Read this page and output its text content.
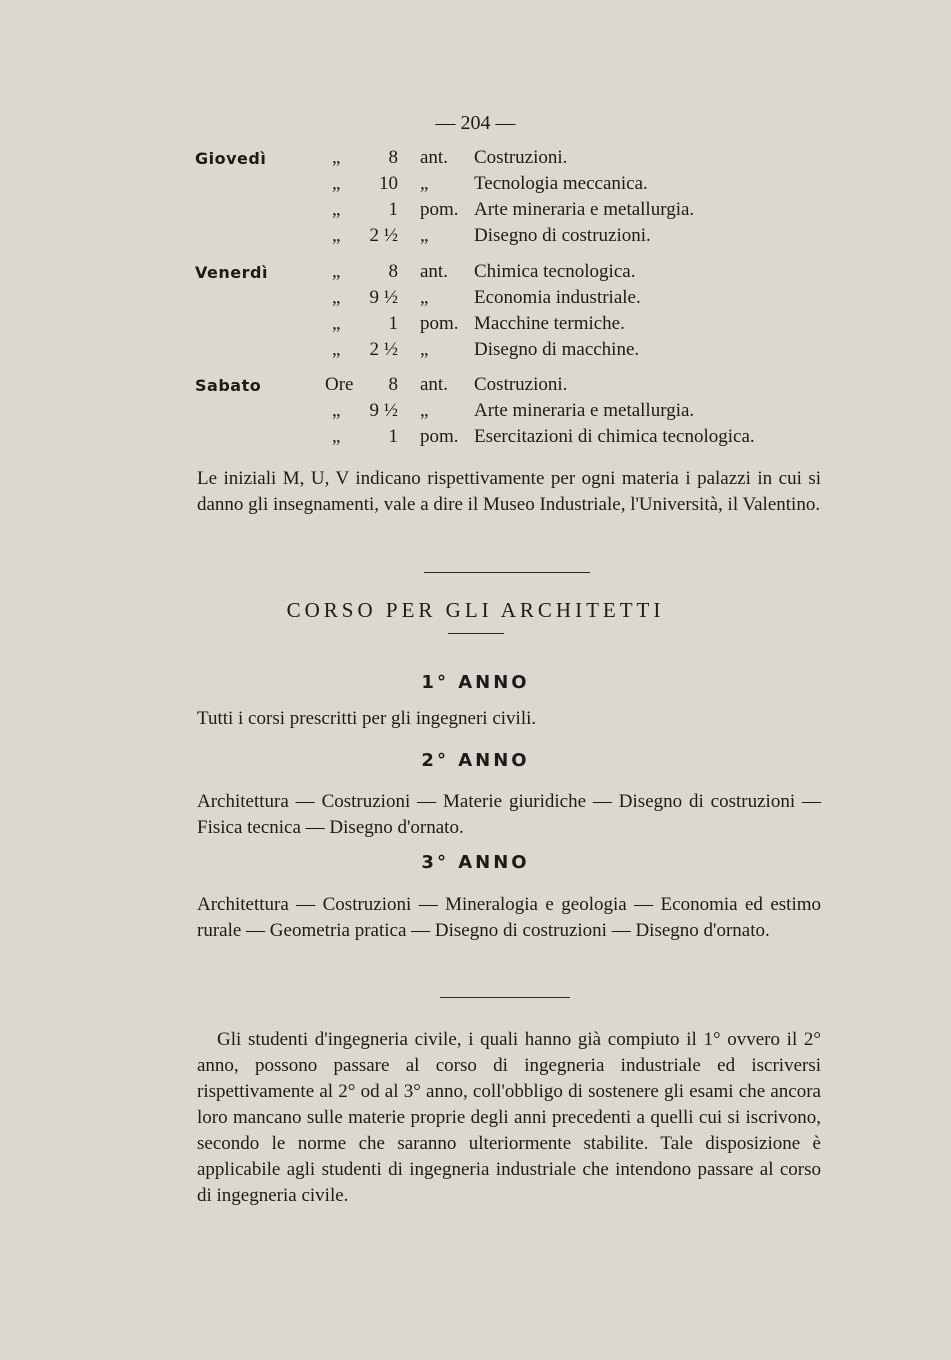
— 204 —
Giovedì	„	8 ant. Costruzioni.
„	10 „ Tecnologia meccanica.
„	1 pom. Arte mineraria e metallurgia.
„	2 ½ „ Disegno di costruzioni.
Venerdì	„	8 ant. Chimica tecnologica.
„	9 ½ „ Economia industriale.
„	1 pom. Macchine termiche.
„	2 ½ „ Disegno di macchine.
Sabato	Ore	8 ant. Costruzioni.
„	9 ½ „ Arte mineraria e metallurgia.
„	1 pom. Esercitazioni di chimica tecnologica.
Le iniziali M, U, V indicano rispettivamente per ogni materia i palazzi in cui si danno gli insegnamenti, vale a dire il Museo Industriale, l'Università, il Valentino.
CORSO PER GLI ARCHITETTI
1° ANNO
Tutti i corsi prescritti per gli ingegneri civili.
2° ANNO
Architettura — Costruzioni — Materie giuridiche — Disegno di costruzioni — Fisica tecnica — Disegno d'ornato.
3° ANNO
Architettura — Costruzioni — Mineralogia e geologia — Economia ed estimo rurale — Geometria pratica — Disegno di costruzioni — Disegno d'ornato.
Gli studenti d'ingegneria civile, i quali hanno già compiuto il 1° ovvero il 2° anno, possono passare al corso di ingegneria industriale ed iscriversi rispettivamente al 2° od al 3° anno, coll'obbligo di sostenere gli esami che ancora loro mancano sulle materie proprie degli anni precedenti a quelli cui si iscrivono, secondo le norme che saranno ulteriormente stabilite. Tale disposizione è applicabile agli studenti di ingegneria industriale che intendono passare al corso di ingegneria civile.
